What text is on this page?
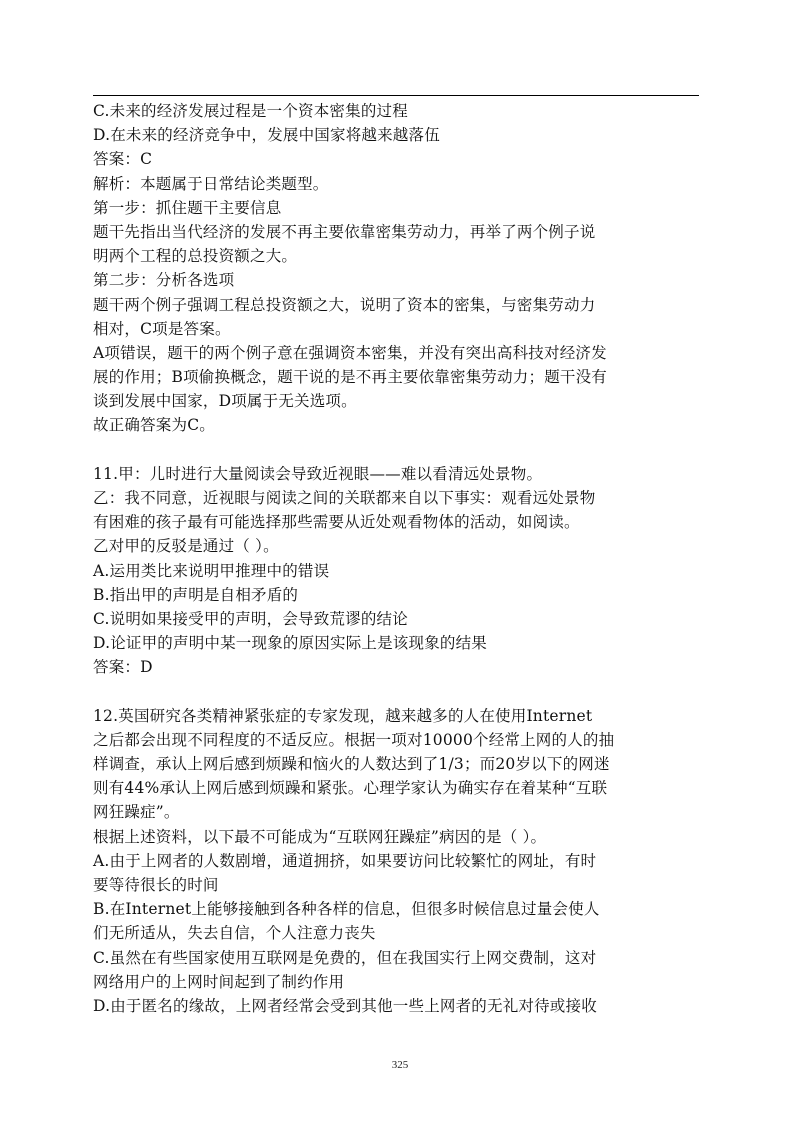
C.未来的经济发展过程是一个资本密集的过程
D.在未来的经济竞争中，发展中国家将越来越落伍
答案：C
解析：本题属于日常结论类题型。
第一步：抓住题干主要信息
题干先指出当代经济的发展不再主要依靠密集劳动力，再举了两个例子说
明两个工程的总投资额之大。
第二步：分析各选项
题干两个例子强调工程总投资额之大，说明了资本的密集，与密集劳动力
相对，C项是答案。
A项错误，题干的两个例子意在强调资本密集，并没有突出高科技对经济发
展的作用；B项偷换概念，题干说的是不再主要依靠密集劳动力；题干没有
谈到发展中国家，D项属于无关选项。
故正确答案为C。
11.甲：儿时进行大量阅读会导致近视眼——难以看清远处景物。
乙：我不同意，近视眼与阅读之间的关联都来自以下事实：观看远处景物
有困难的孩子最有可能选择那些需要从近处观看物体的活动，如阅读。
乙对甲的反驳是通过（ ）。
A.运用类比来说明甲推理中的错误
B.指出甲的声明是自相矛盾的
C.说明如果接受甲的声明，会导致荒谬的结论
D.论证甲的声明中某一现象的原因实际上是该现象的结果
答案：D
12.英国研究各类精神紧张症的专家发现，越来越多的人在使用Internet
之后都会出现不同程度的不适反应。根据一项对10000个经常上网的人的抽
样调查，承认上网后感到烦躁和恼火的人数达到了1/3；而20岁以下的网迷
则有44%承认上网后感到烦躁和紧张。心理学家认为确实存在着某种“互联
网狂躁症”。
根据上述资料，以下最不可能成为“互联网狂躁症”病因的是（ ）。
A.由于上网者的人数剧增，通道拥挤，如果要访问比较繁忙的网址，有时
要等待很长的时间
B.在Internet上能够接触到各种各样的信息，但很多时候信息过量会使人
们无所适从，失去自信，个人注意力丧失
C.虽然在有些国家使用互联网是免费的，但在我国实行上网交费制，这对
网络用户的上网时间起到了制约作用
D.由于匿名的缘故，上网者经常会受到其他一些上网者的无礼对待或接收
325
